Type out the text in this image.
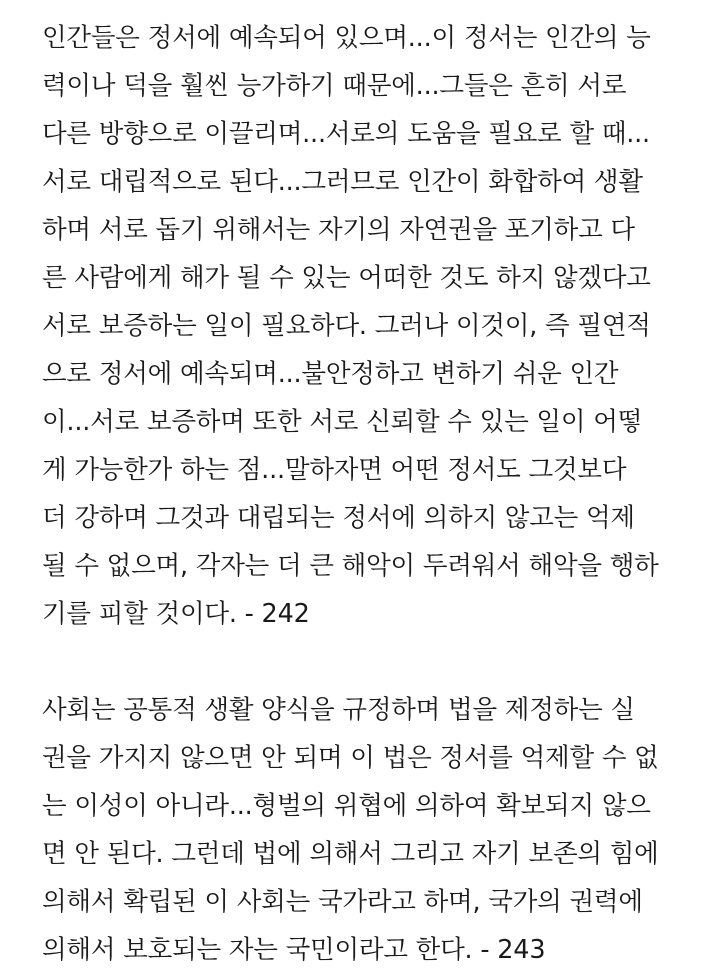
인간들은 정서에 예속되어 있으며...이 정서는 인간의 능
력이나 덕을 훨씬 능가하기 때문에...그들은 흔히 서로
다른 방향으로 이끌리며...서로의 도움을 필요로 할 때...
서로 대립적으로 된다...그러므로 인간이 화합하여 생활
하며 서로 돕기 위해서는 자기의 자연권을 포기하고 다
른 사람에게 해가 될 수 있는 어떠한 것도 하지 않겠다고
서로 보증하는 일이 필요하다. 그러나 이것이, 즉 필연적
으로 정서에 예속되며...불안정하고 변하기 쉬운 인간
이...서로 보증하며 또한 서로 신뢰할 수 있는 일이 어떻
게 가능한가 하는 점...말하자면 어떤 정서도 그것보다
더 강하며 그것과 대립되는 정서에 의하지 않고는 억제
될 수 없으며, 각자는 더 큰 해악이 두려워서 해악을 행하
기를 피할 것이다. - 242
사회는 공통적 생활 양식을 규정하며 법을 제정하는 실
권을 가지지 않으면 안 되며 이 법은 정서를 억제할 수 없
는 이성이 아니라...형벌의 위협에 의하여 확보되지 않으
면 안 된다. 그런데 법에 의해서 그리고 자기 보존의 힘에
의해서 확립된 이 사회는 국가라고 하며, 국가의 권력에
의해서 보호되는 자는 국민이라고 한다. - 243
